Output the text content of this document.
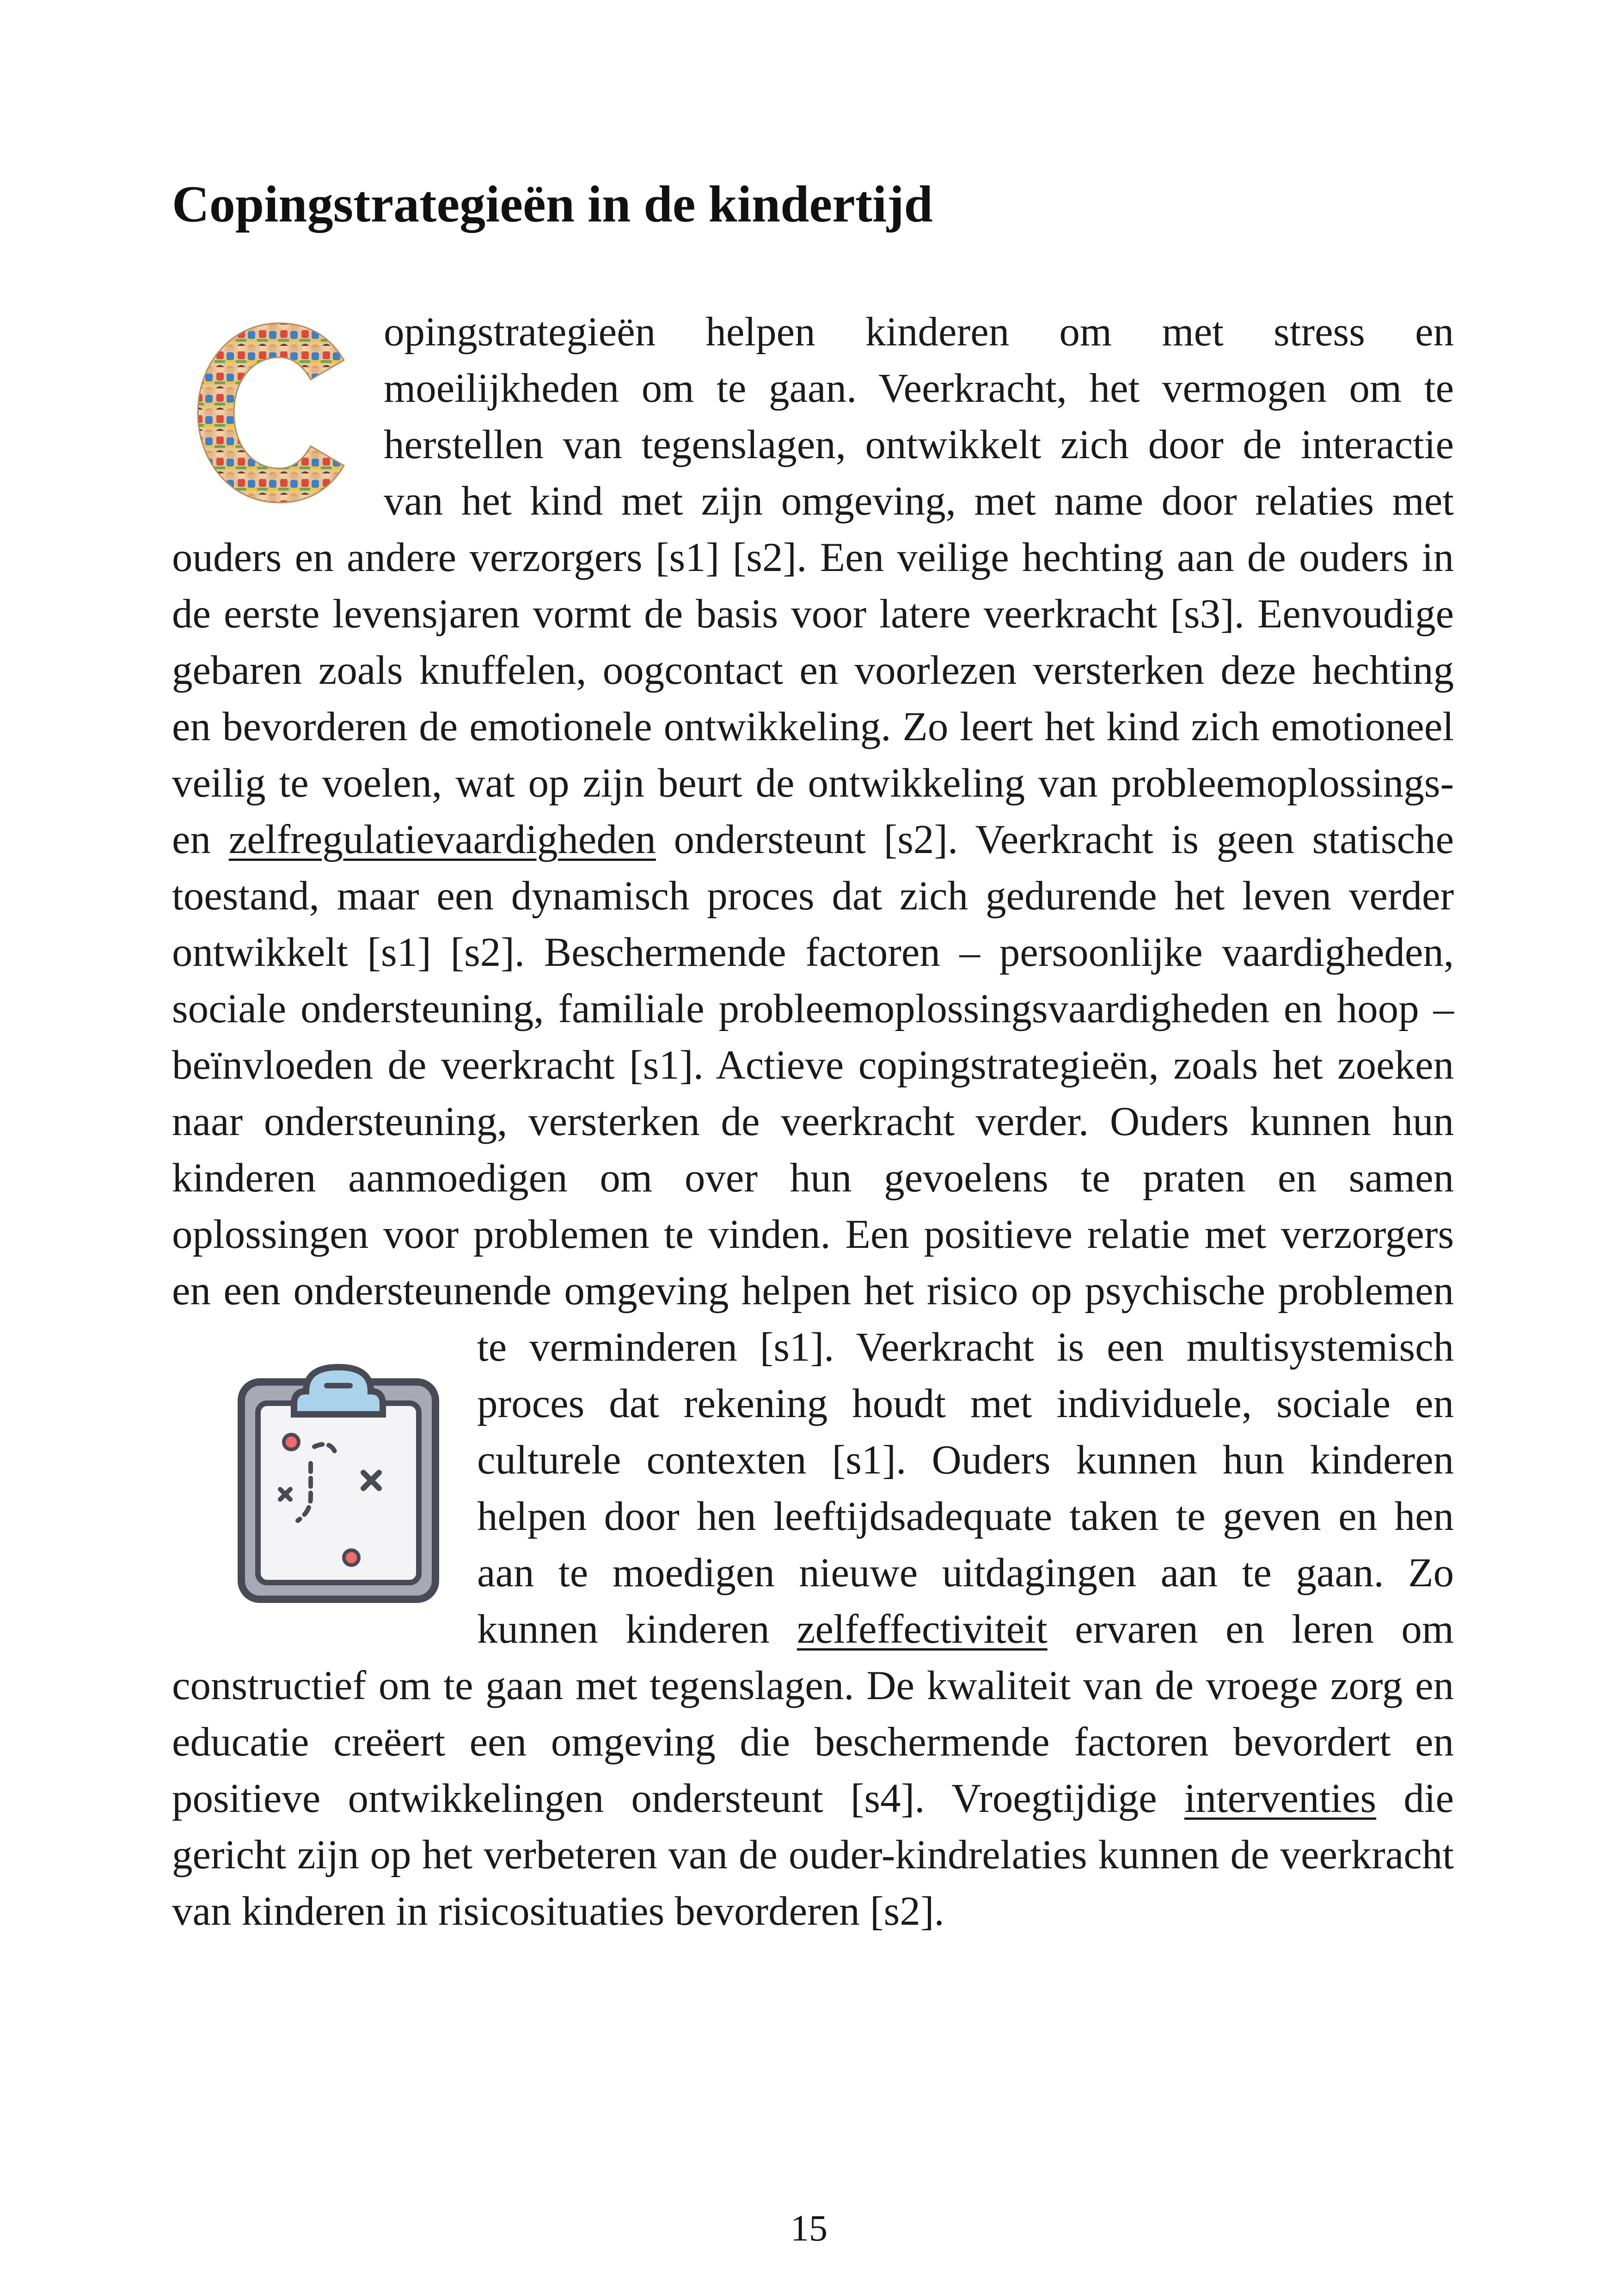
Copingstrategieën in de kindertijd
opingstrategieën helpen kinderen om met stress en moeilijkheden om te gaan. Veerkracht, het vermogen om te herstellen van tegenslagen, ontwikkelt zich door de interactie van het kind met zijn omgeving, met name door relaties met ouders en andere verzorgers [s1] [s2]. Een veilige hechting aan de ouders in de eerste levensjaren vormt de basis voor latere veerkracht [s3]. Eenvoudige gebaren zoals knuffelen, oogcontact en voorlezen versterken deze hechting en bevorderen de emotionele ontwikkeling. Zo leert het kind zich emotioneel veilig te voelen, wat op zijn beurt de ontwikkeling van probleemoplossings- en zelfregulatievaardigheden ondersteunt [s2]. Veerkracht is geen statische toestand, maar een dynamisch proces dat zich gedurende het leven verder ontwikkelt [s1] [s2]. Beschermende factoren – persoonlijke vaardigheden, sociale ondersteuning, familiale probleemoplossingsvaardigheden en hoop – beïnvloeden de veerkracht [s1]. Actieve copingstrategieën, zoals het zoeken naar ondersteuning, versterken de veerkracht verder. Ouders kunnen hun kinderen aanmoedigen om over hun gevoelens te praten en samen oplossingen voor problemen te vinden. Een positieve relatie met verzorgers en een ondersteunende omgeving helpen het risico op psychische problemen te verminderen [s1]. Veerkracht is een multisystemisch proces dat rekening houdt met individuele, sociale en culturele contexten [s1]. Ouders kunnen hun kinderen helpen door hen leeftijdsadequate taken te geven en hen aan te moedigen nieuwe uitdagingen aan te gaan. Zo kunnen kinderen zelfeffectiviteit ervaren en leren om constructief om te gaan met tegenslagen. De kwaliteit van de vroege zorg en educatie creëert een omgeving die beschermende factoren bevordert en positieve ontwikkelingen ondersteunt [s4]. Vroegtijdige interventies die gericht zijn op het verbeteren van de ouder-kindrelaties kunnen de veerkracht van kinderen in risicosituaties bevorderen [s2].
15
